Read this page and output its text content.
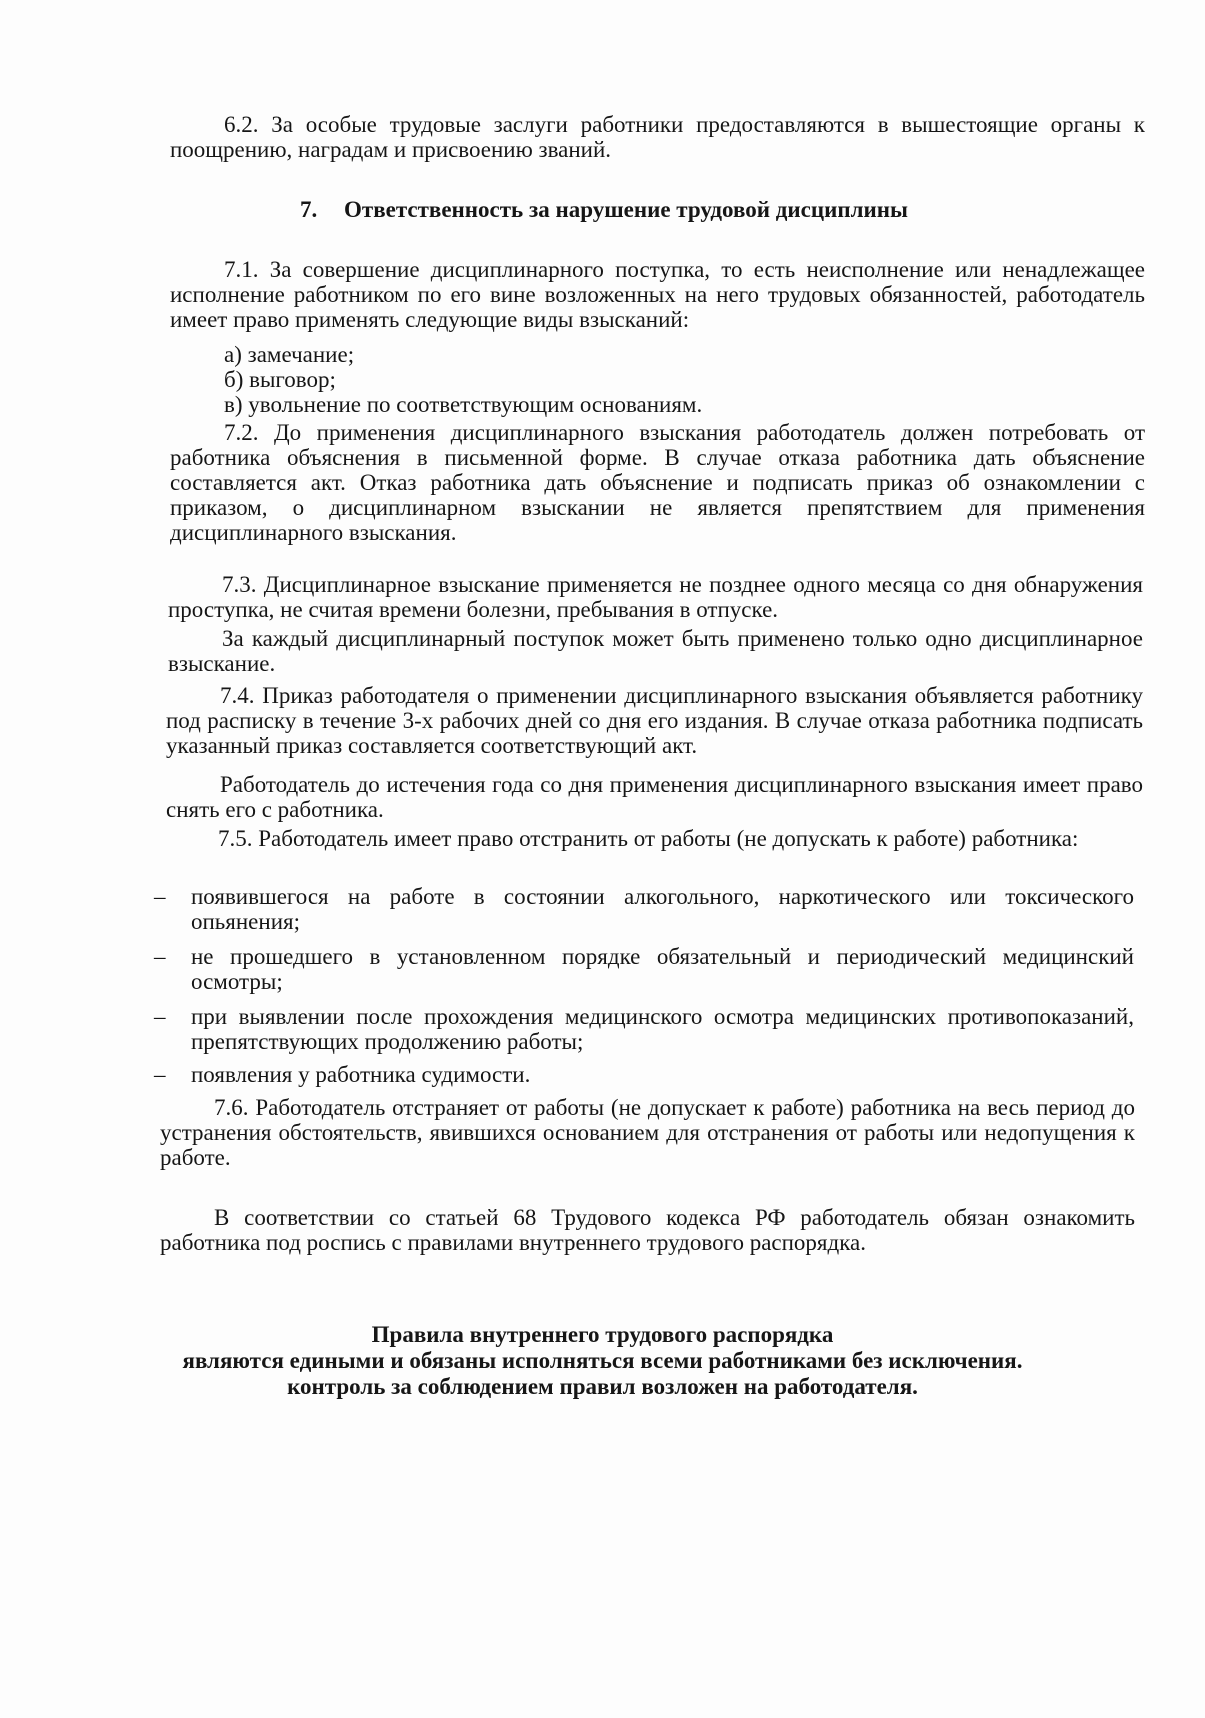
6.2. За особые трудовые заслуги работники предоставляются в вышестоящие органы к поощрению, наградам и присвоению званий.

7. Ответственность за нарушение трудовой дисциплины

7.1. За совершение дисциплинарного поступка, то есть неисполнение или ненадлежащее исполнение работником по его вине возложенных на него трудовых обязанностей, работодатель имеет право применять следующие виды взысканий:

а) замечание;

б) выговор;

в) увольнение по соответствующим основаниям.

7.2. До применения дисциплинарного взыскания работодатель должен потребовать от работника объяснения в письменной форме. В случае отказа работника дать объяснение составляется акт. Отказ работника дать объяснение и подписать приказ об ознакомлении с приказом, о дисциплинарном взыскании не является препятствием для применения дисциплинарного взыскания.

7.3. Дисциплинарное взыскание применяется не позднее одного месяца со дня обнаружения проступка, не считая времени болезни, пребывания в отпуске.

За каждый дисциплинарный поступок может быть применено только одно дисциплинарное взыскание.

7.4. Приказ работодателя о применении дисциплинарного взыскания объявляется работнику под расписку в течение 3-х рабочих дней со дня его издания. В случае отказа работника подписать указанный приказ составляется соответствующий акт.

Работодатель до истечения года со дня применения дисциплинарного взыскания имеет право снять его с работника.

7.5. Работодатель имеет право отстранить от работы (не допускать к работе) работника:

– появившегося на работе в состоянии алкогольного, наркотического или токсического опьянения;
– не прошедшего в установленном порядке обязательный и периодический медицинский осмотры;
– при выявлении после прохождения медицинского осмотра медицинских противопоказаний, препятствующих продолжению работы;
– появления у работника судимости.

7.6. Работодатель отстраняет от работы (не допускает к работе) работника на весь период до устранения обстоятельств, явившихся основанием для отстранения от работы или недопущения к работе.

В соответствии со статьей 68 Трудового кодекса РФ работодатель обязан ознакомить работника под роспись с правилами внутреннего трудового распорядка.

Правила внутреннего трудового распорядка

являются едиными и обязаны исполняться всеми работниками без исключения.

контроль за соблюдением правил возложен на работодателя.
